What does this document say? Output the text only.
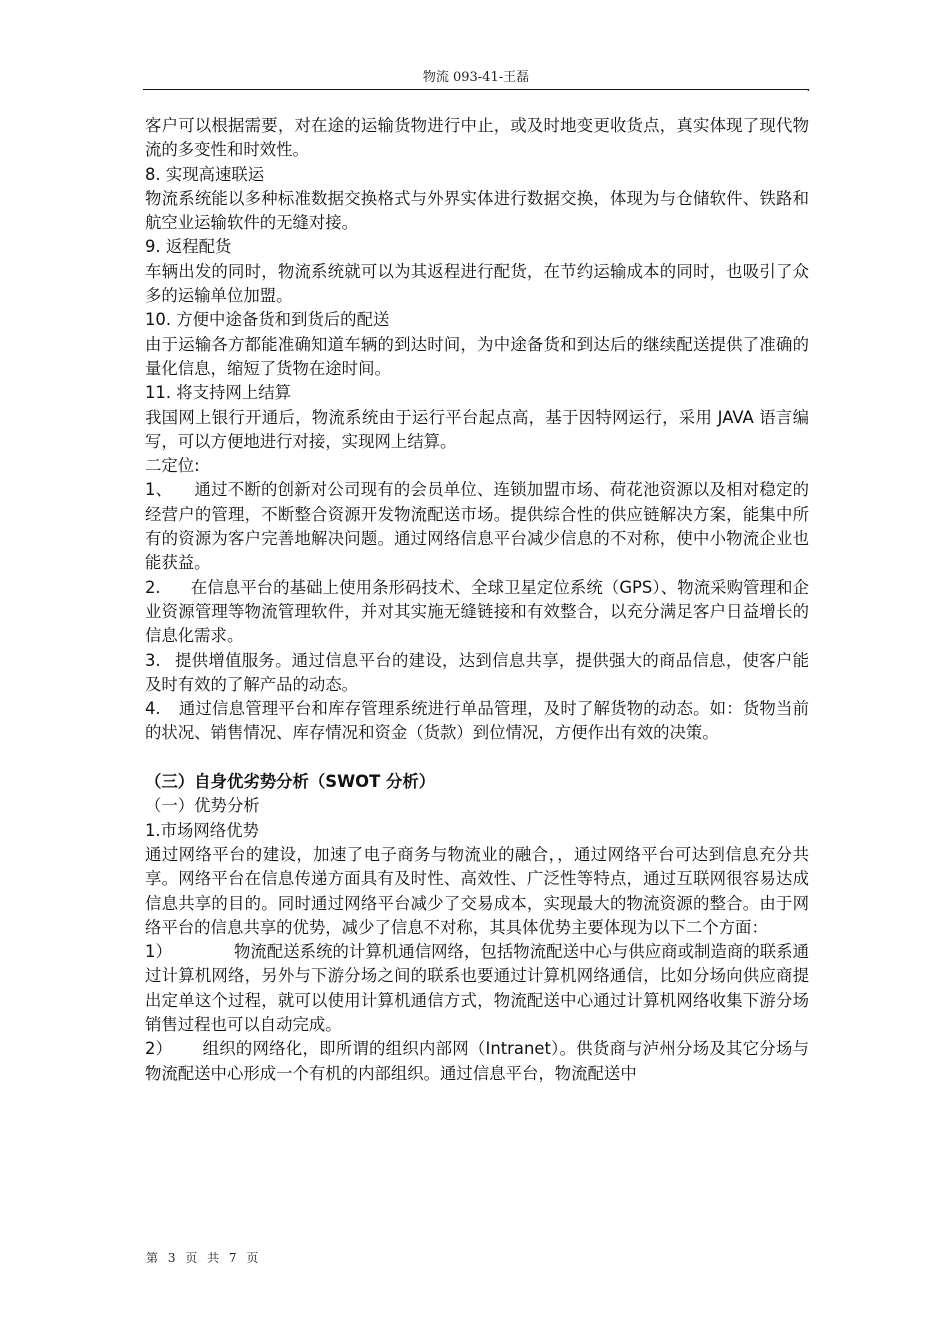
物流 093-41-王磊
,

客户可以根据需要，对在途的运输货物进行中止，或及时地变更收货点，真实体现了现代物流的多变性和时效性。

8. 实现高速联运

物流系统能以多种标准数据交换格式与外界实体进行数据交换，体现为与仓储软件、铁路和航空业运输软件的无缝对接。

9. 返程配货

车辆出发的同时，物流系统就可以为其返程进行配货，在节约运输成本的同时，也吸引了众多的运输单位加盟。

10. 方便中途备货和到货后的配送

由于运输各方都能准确知道车辆的到达时间，为中途备货和到达后的继续配送提供了准确的量化信息，缩短了货物在途时间。

11. 将支持网上结算

我国网上银行开通后，物流系统由于运行平台起点高，基于因特网运行，采用 JAVA 语言编写，可以方便地进行对接，实现网上结算。

二定位:

1、 通过不断的创新对公司现有的会员单位、连锁加盟市场、荷花池资源以及相对稳定的经营户的管理，不断整合资源开发物流配送市场。提供综合性的供应链解决方案，能集中所有的资源为客户完善地解决问题。通过网络信息平台减少信息的不对称，使中小物流企业也能获益。

2. 在信息平台的基础上使用条形码技术、全球卫星定位系统（GPS）、物流采购管理和企业资源管理等物流管理软件，并对其实施无缝链接和有效整合，以充分满足客户日益增长的信息化需求。

3. 提供增值服务。通过信息平台的建设，达到信息共享，提供强大的商品信息，使客户能及时有效的了解产品的动态。

4. 通过信息管理平台和库存管理系统进行单品管理，及时了解货物的动态。如：货物当前的状况、销售情况、库存情况和资金（货款）到位情况，方便作出有效的决策。

（三）自身优劣势分析（SWOT 分析）

（一）优势分析

1.市场网络优势

通过网络平台的建设，加速了电子商务与物流业的融合，，通过网络平台可达到信息充分共享。网络平台在信息传递方面具有及时性、高效性、广泛性等特点，通过互联网很容易达成信息共享的目的。同时通过网络平台减少了交易成本，实现最大的物流资源的整合。由于网络平台的信息共享的优势，减少了信息不对称，其具体优势主要体现为以下二个方面：

1）	物流配送系统的计算机通信网络，包括物流配送中心与供应商或制造商的联系通过计算机网络，另外与下游分场之间的联系也要通过计算机网络通信，比如分场向供应商提出定单这个过程，就可以使用计算机通信方式，物流配送中心通过计算机网络收集下游分场销售过程也可以自动完成。

2） 组织的网络化，即所谓的组织内部网（Intranet）。供货商与泸州分场及其它分场与物流配送中心形成一个有机的内部组织。通过信息平台，物流配送中

第 3 页 共 7 页
